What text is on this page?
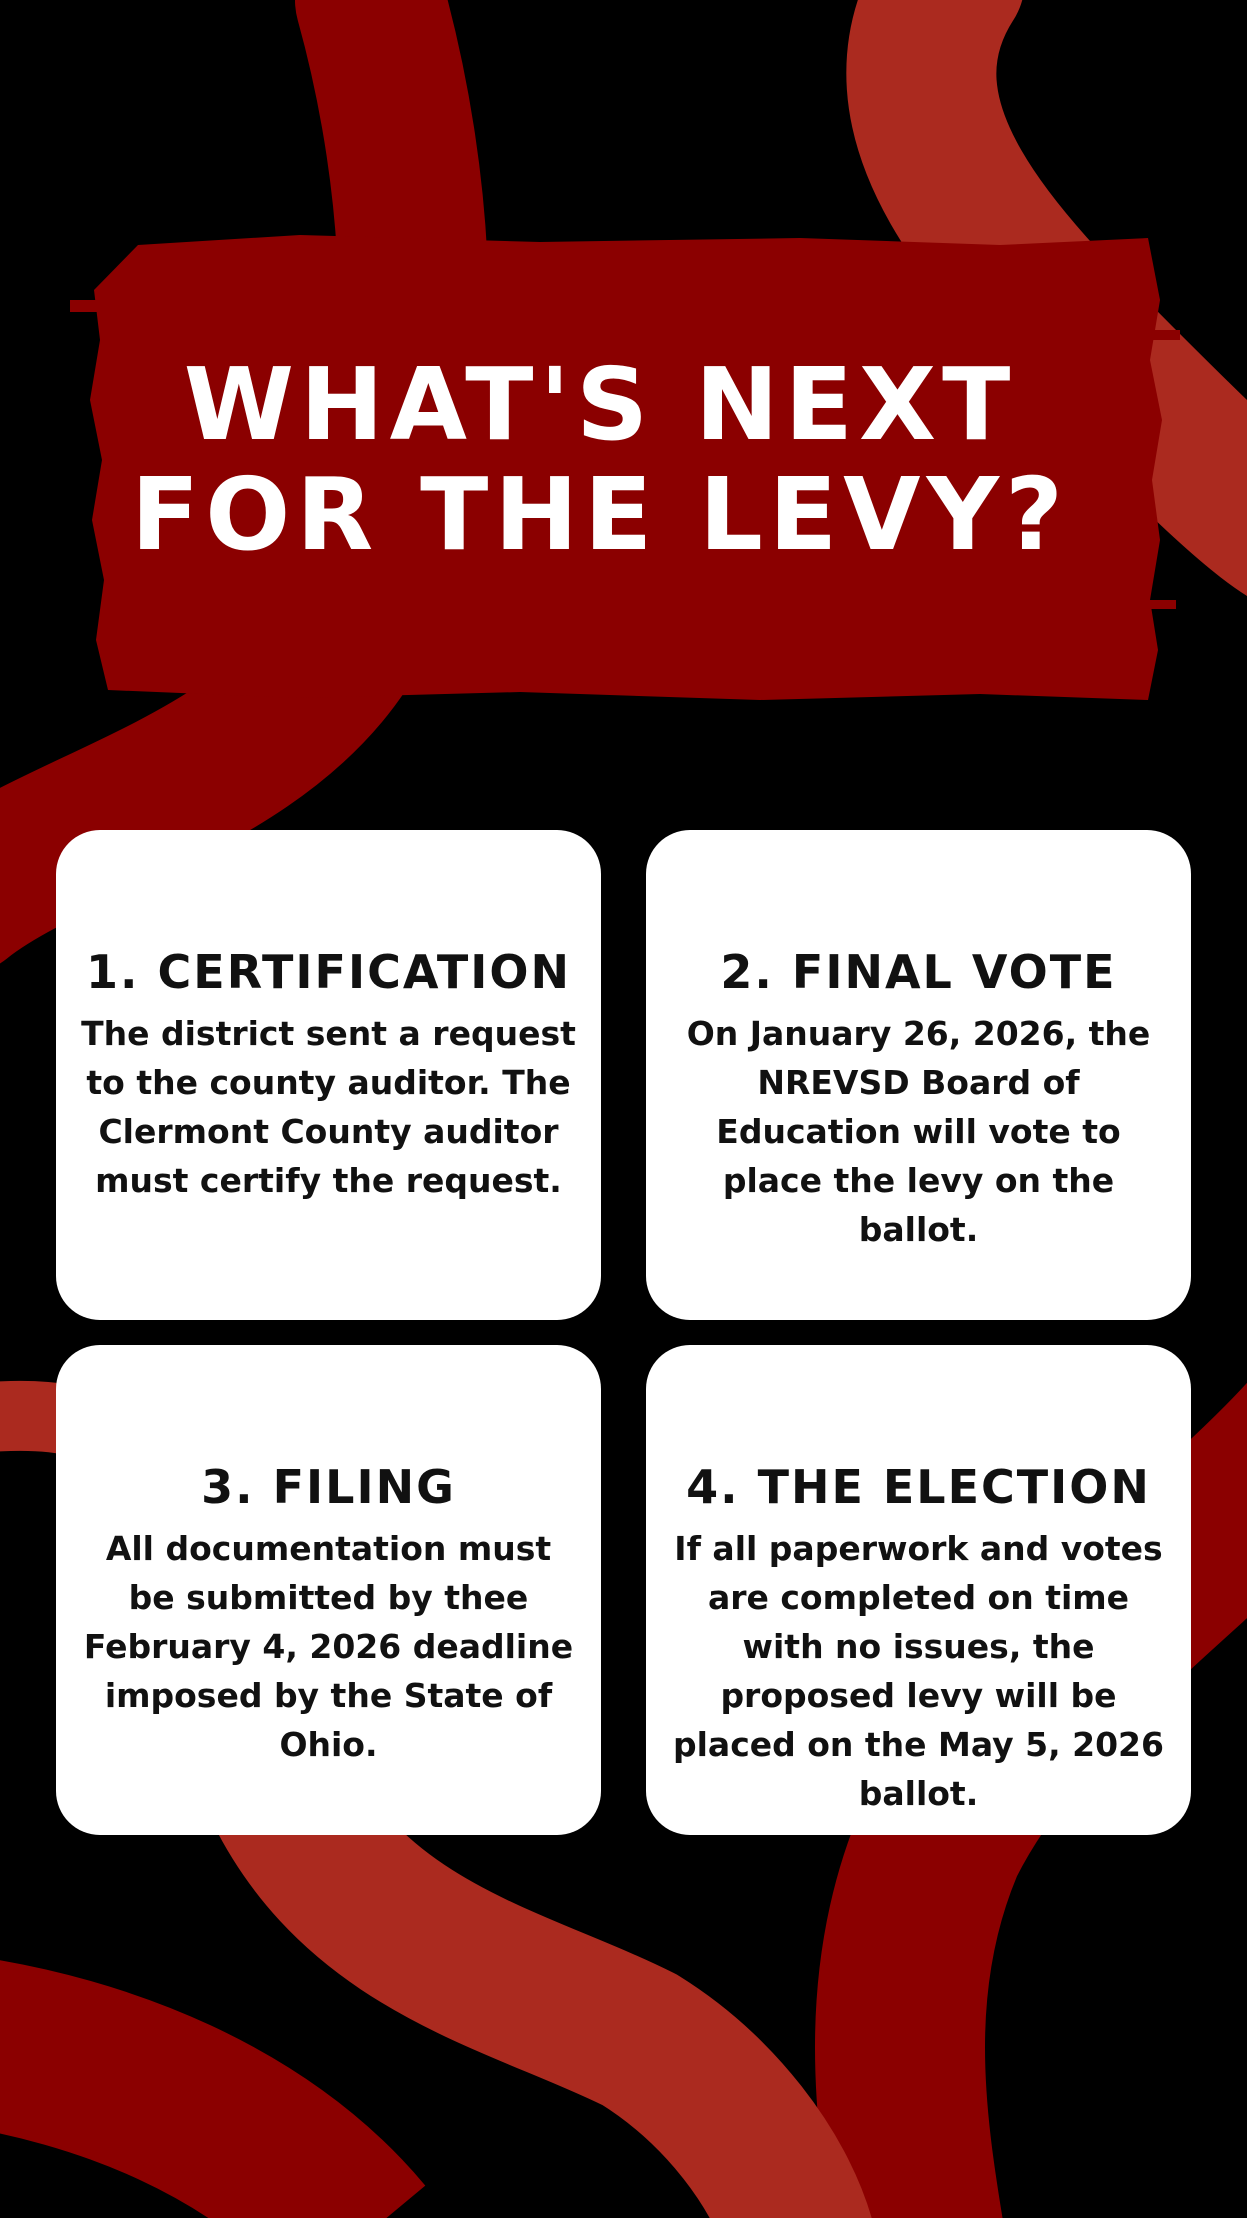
WHAT'S NEXT
FOR THE LEVY?
1. CERTIFICATION
The district sent a request to the county auditor. The Clermont County auditor must certify the request.
2. FINAL VOTE
On January 26, 2026, the NREVSD Board of Education will vote to place the levy on the ballot.
3. FILING
All documentation must be submitted by thee February 4, 2026 deadline imposed by the State of Ohio.
4. THE ELECTION
If all paperwork and votes are completed on time with no issues, the proposed levy will be placed on the May 5, 2026 ballot.
